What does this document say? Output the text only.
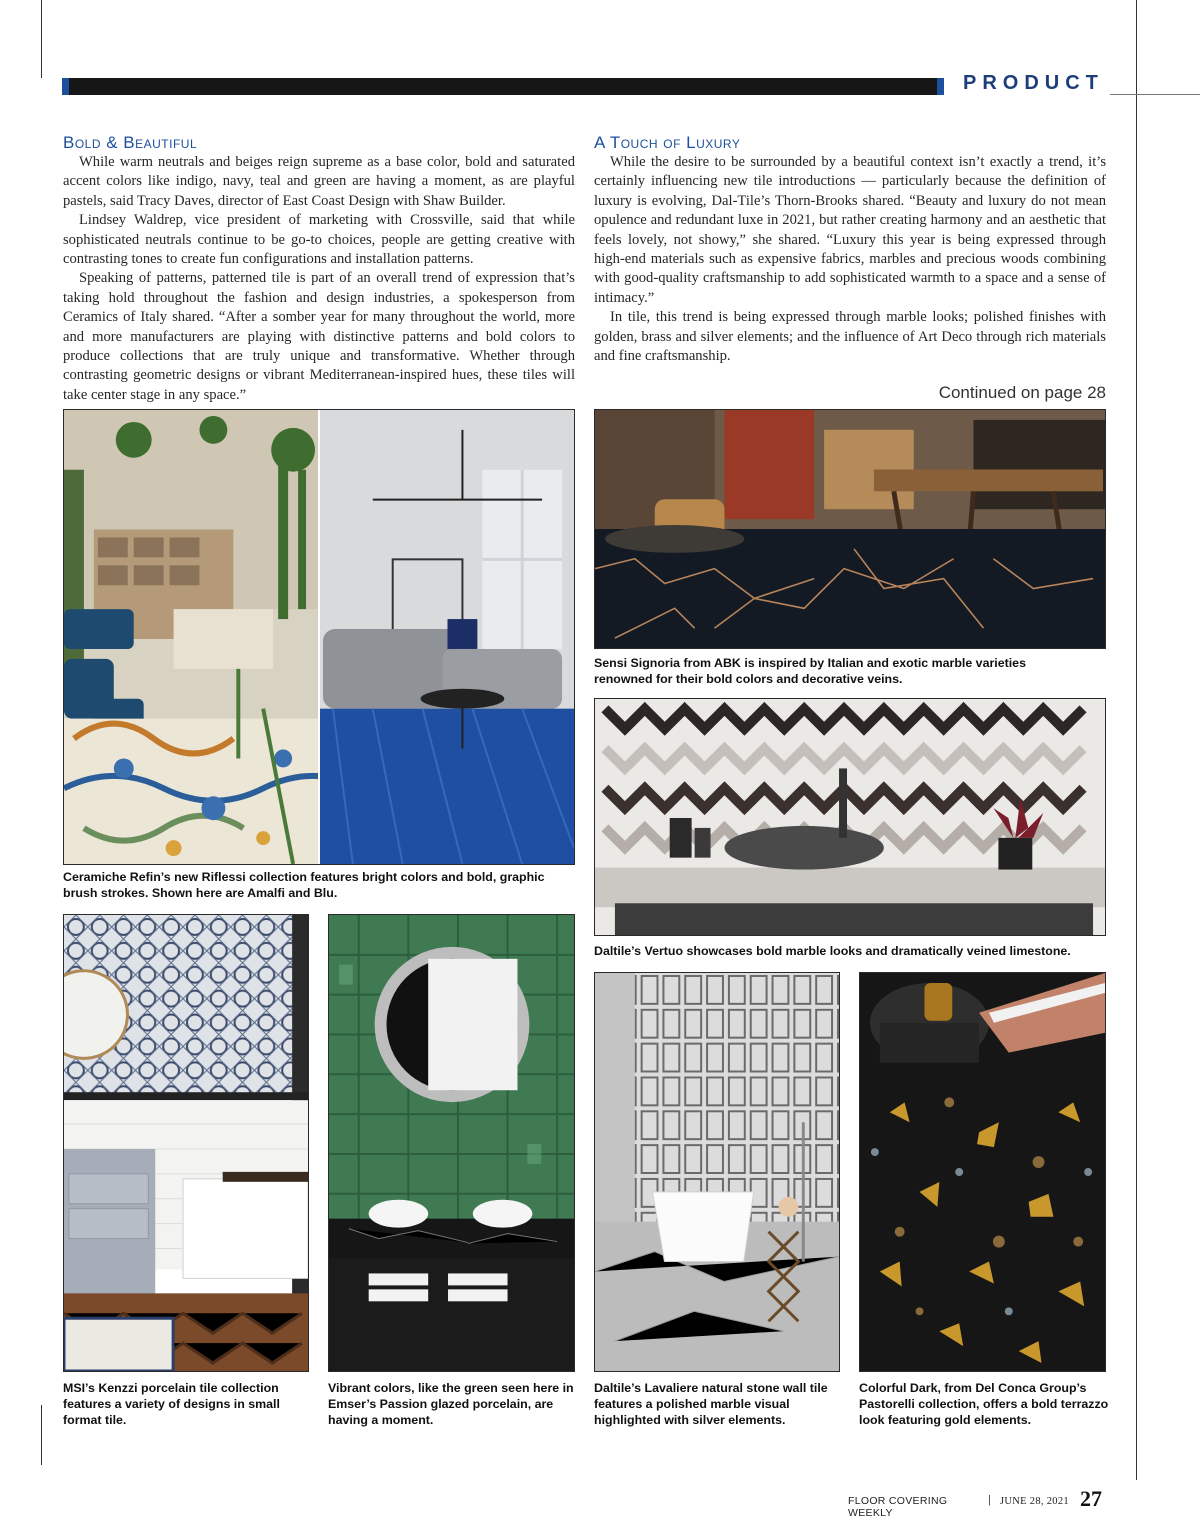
PRODUCT
Bold & Beautiful

While warm neutrals and beiges reign supreme as a base color, bold and saturated accent colors like indigo, navy, teal and green are having a moment, as are playful pastels, said Tracy Daves, director of East Coast Design with Shaw Builder.

Lindsey Waldrep, vice president of marketing with Crossville, said that while sophisticated neutrals continue to be go-to choices, people are getting creative with contrasting tones to create fun configurations and installation patterns.

Speaking of patterns, patterned tile is part of an overall trend of expression that’s taking hold throughout the fashion and design industries, a spokesperson from Ceramics of Italy shared. “After a somber year for many throughout the world, more and more manufacturers are playing with distinctive patterns and bold colors to produce collections that are truly unique and transformative. Whether through contrasting geometric designs or vibrant Mediterranean-inspired hues, these tiles will take center stage in any space.”

A Touch of Luxury

While the desire to be surrounded by a beautiful context isn’t exactly a trend, it’s certainly influencing new tile introductions — particularly because the definition of luxury is evolving, Dal-Tile’s Thorn-Brooks shared. “Beauty and luxury do not mean opulence and redundant luxe in 2021, but rather creating harmony and an aesthetic that feels lovely, not showy,” she shared. “Luxury this year is being expressed through high-end materials such as expensive fabrics, marbles and precious woods combining with good-quality craftsmanship to add sophisticated warmth to a space and a sense of intimacy.”

In tile, this trend is being expressed through marble looks; polished finishes with golden, brass and silver elements; and the influence of Art Deco through rich materials and fine craftsmanship.

Continued on page 28
Ceramiche Refin’s new Riflessi collection features bright colors and bold, graphic brush strokes. Shown here are Amalfi and Blu.
Sensi Signoria from ABK is inspired by Italian and exotic marble varieties renowned for their bold colors and decorative veins.
Daltile’s Vertuo showcases bold marble looks and dramatically veined limestone.
MSI’s Kenzzi porcelain tile collection features a variety of designs in small format tile.
Vibrant colors, like the green seen here in Emser’s Passion glazed porcelain, are having a moment.
Daltile’s Lavaliere natural stone wall tile features a polished marble visual highlighted with silver elements.
Colorful Dark, from Del Conca Group’s Pastorelli collection, offers a bold terrazzo look featuring gold elements.
FLOOR COVERING WEEKLY
| JUNE 28, 2021 27
